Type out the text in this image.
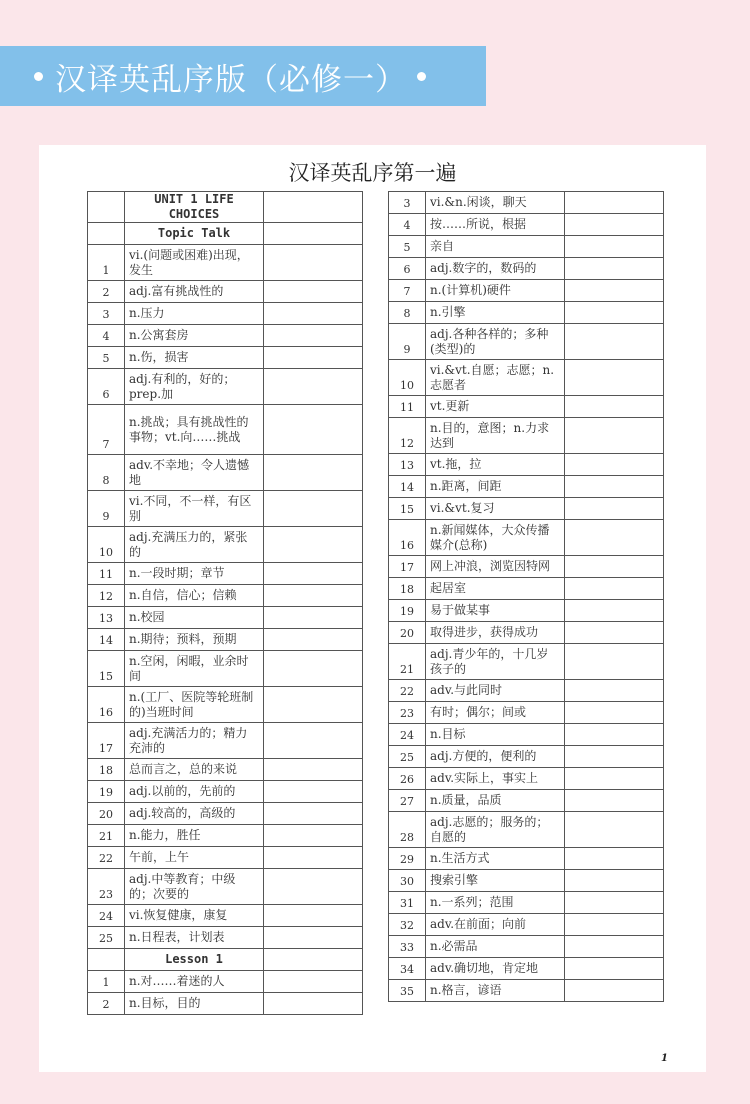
汉译英乱序版（必修一）
汉译英乱序第一遍
	UNIT 1 LIFE CHOICES	
	Topic Talk	
1	vi.(问题或困难)出现，发生	
2	adj.富有挑战性的	
3	n.压力	
4	n.公寓套房	
5	n.伤，损害	
6	adj.有利的，好的；prep.加	
7	n.挑战；具有挑战性的事物；vt.向……挑战	
8	adv.不幸地；令人遗憾地	
9	vi.不同，不一样，有区别	
10	adj.充满压力的，紧张的	
11	n.一段时期；章节	
12	n.自信，信心；信赖	
13	n.校园	
14	n.期待；预料，预期	
15	n.空闲，闲暇，业余时间	
16	n.(工厂、医院等轮班制的)当班时间	
17	adj.充满活力的；精力充沛的	
18	总而言之，总的来说	
19	adj.以前的，先前的	
20	adj.较高的，高级的	
21	n.能力，胜任	
22	午前，上午	
23	adj.中等教育；中级的；次要的	
24	vi.恢复健康，康复	
25	n.日程表，计划表	
	Lesson 1	
1	n.对……着迷的人	
2	n.目标，目的	
3	vi.&n.闲谈，聊天	
4	按……所说，根据	
5	亲自	
6	adj.数字的，数码的	
7	n.(计算机)硬件	
8	n.引擎	
9	adj.各种各样的；多种(类型)的	
10	vi.&vt.自愿；志愿；n.志愿者	
11	vt.更新	
12	n.目的，意图；n.力求达到	
13	vt.拖，拉	
14	n.距离，间距	
15	vi.&vt.复习	
16	n.新闻媒体，大众传播媒介(总称)	
17	网上冲浪，浏览因特网	
18	起居室	
19	易于做某事	
20	取得进步，获得成功	
21	adj.青少年的，十几岁孩子的	
22	adv.与此同时	
23	有时；偶尔；间或	
24	n.目标	
25	adj.方便的，便利的	
26	adv.实际上，事实上	
27	n.质量，品质	
28	adj.志愿的；服务的；自愿的	
29	n.生活方式	
30	搜索引擎	
31	n.一系列；范围	
32	adv.在前面；向前	
33	n.必需品	
34	adv.确切地，肯定地	
35	n.格言，谚语	
1
